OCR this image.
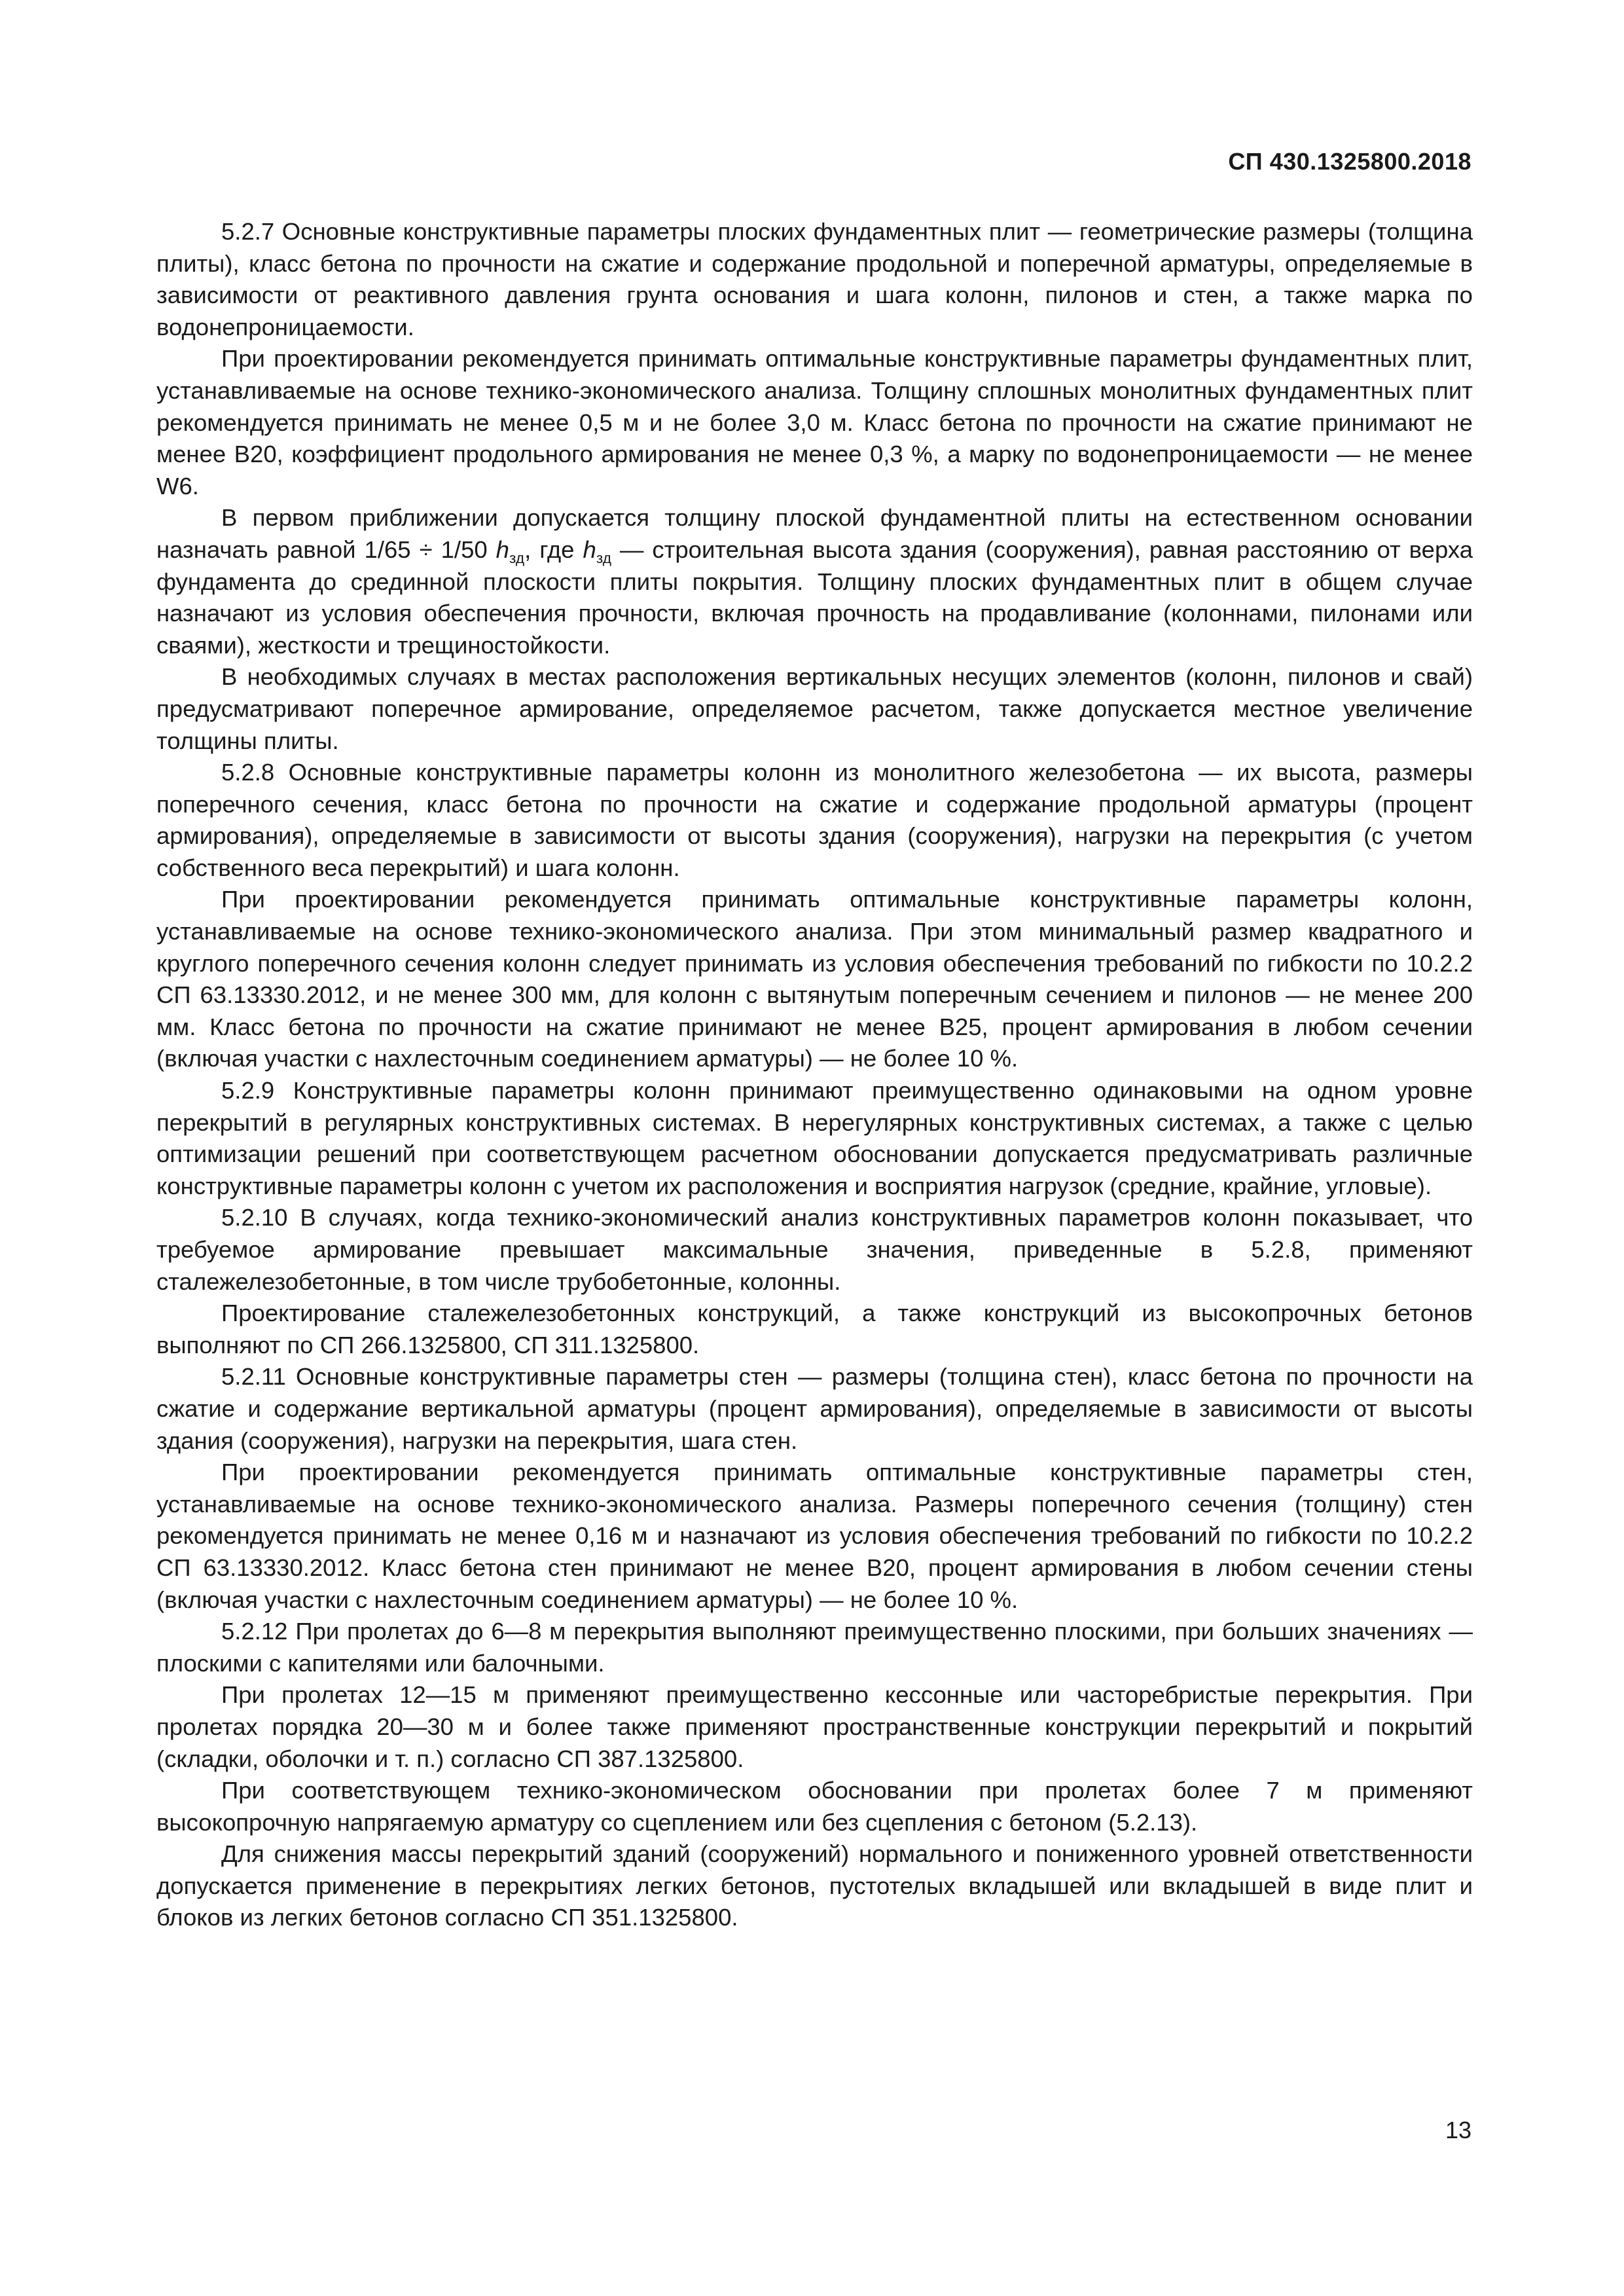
СП 430.1325800.2018

5.2.7 Основные конструктивные параметры плоских фундаментных плит — геометрические размеры (толщина плиты), класс бетона по прочности на сжатие и содержание продольной и поперечной арматуры, определяемые в зависимости от реактивного давления грунта основания и шага колонн, пилонов и стен, а также марка по водонепроницаемости.

При проектировании рекомендуется принимать оптимальные конструктивные параметры фундаментных плит, устанавливаемые на основе технико-экономического анализа. Толщину сплошных монолитных фундаментных плит рекомендуется принимать не менее 0,5 м и не более 3,0 м. Класс бетона по прочности на сжатие принимают не менее В20, коэффициент продольного армирования не менее 0,3 %, а марку по водонепроницаемости — не менее W6.

В первом приближении допускается толщину плоской фундаментной плиты на естественном основании назначать равной 1/65 ÷ 1/50 $h_{зд}$, где $h_{зд}$ — строительная высота здания (сооружения), равная расстоянию от верха фундамента до срединной плоскости плиты покрытия. Толщину плоских фундаментных плит в общем случае назначают из условия обеспечения прочности, включая прочность на продавливание (колоннами, пилонами или сваями), жесткости и трещиностойкости.

В необходимых случаях в местах расположения вертикальных несущих элементов (колонн, пилонов и свай) предусматривают поперечное армирование, определяемое расчетом, также допускается местное увеличение толщины плиты.

5.2.8 Основные конструктивные параметры колонн из монолитного железобетона — их высота, размеры поперечного сечения, класс бетона по прочности на сжатие и содержание продольной арматуры (процент армирования), определяемые в зависимости от высоты здания (сооружения), нагрузки на перекрытия (с учетом собственного веса перекрытий) и шага колонн.

При проектировании рекомендуется принимать оптимальные конструктивные параметры колонн, устанавливаемые на основе технико-экономического анализа. При этом минимальный размер квадратного и круглого поперечного сечения колонн следует принимать из условия обеспечения требований по гибкости по 10.2.2 СП 63.13330.2012, и не менее 300 мм, для колонн с вытянутым поперечным сечением и пилонов — не менее 200 мм. Класс бетона по прочности на сжатие принимают не менее В25, процент армирования в любом сечении (включая участки с нахлесточным соединением арматуры) — не более 10 %.

5.2.9 Конструктивные параметры колонн принимают преимущественно одинаковыми на одном уровне перекрытий в регулярных конструктивных системах. В нерегулярных конструктивных системах, а также с целью оптимизации решений при соответствующем расчетном обосновании допускается предусматривать различные конструктивные параметры колонн с учетом их расположения и восприятия нагрузок (средние, крайние, угловые).

5.2.10 В случаях, когда технико-экономический анализ конструктивных параметров колонн показывает, что требуемое армирование превышает максимальные значения, приведенные в 5.2.8, применяют сталежелезобетонные, в том числе трубобетонные, колонны.

Проектирование сталежелезобетонных конструкций, а также конструкций из высокопрочных бетонов выполняют по СП 266.1325800, СП 311.1325800.

5.2.11 Основные конструктивные параметры стен — размеры (толщина стен), класс бетона по прочности на сжатие и содержание вертикальной арматуры (процент армирования), определяемые в зависимости от высоты здания (сооружения), нагрузки на перекрытия, шага стен.

При проектировании рекомендуется принимать оптимальные конструктивные параметры стен, устанавливаемые на основе технико-экономического анализа. Размеры поперечного сечения (толщину) стен рекомендуется принимать не менее 0,16 м и назначают из условия обеспечения требований по гибкости по 10.2.2 СП 63.13330.2012. Класс бетона стен принимают не менее В20, процент армирования в любом сечении стены (включая участки с нахлесточным соединением арматуры) — не более 10 %.

5.2.12 При пролетах до 6—8 м перекрытия выполняют преимущественно плоскими, при больших значениях — плоскими с капителями или балочными.

При пролетах 12—15 м применяют преимущественно кессонные или часторебристые перекрытия. При пролетах порядка 20—30 м и более также применяют пространственные конструкции перекрытий и покрытий (складки, оболочки и т. п.) согласно СП 387.1325800.

При соответствующем технико-экономическом обосновании при пролетах более 7 м применяют высокопрочную напрягаемую арматуру со сцеплением или без сцепления с бетоном (5.2.13).

Для снижения массы перекрытий зданий (сооружений) нормального и пониженного уровней ответственности допускается применение в перекрытиях легких бетонов, пустотелых вкладышей или вкладышей в виде плит и блоков из легких бетонов согласно СП 351.1325800.

13
